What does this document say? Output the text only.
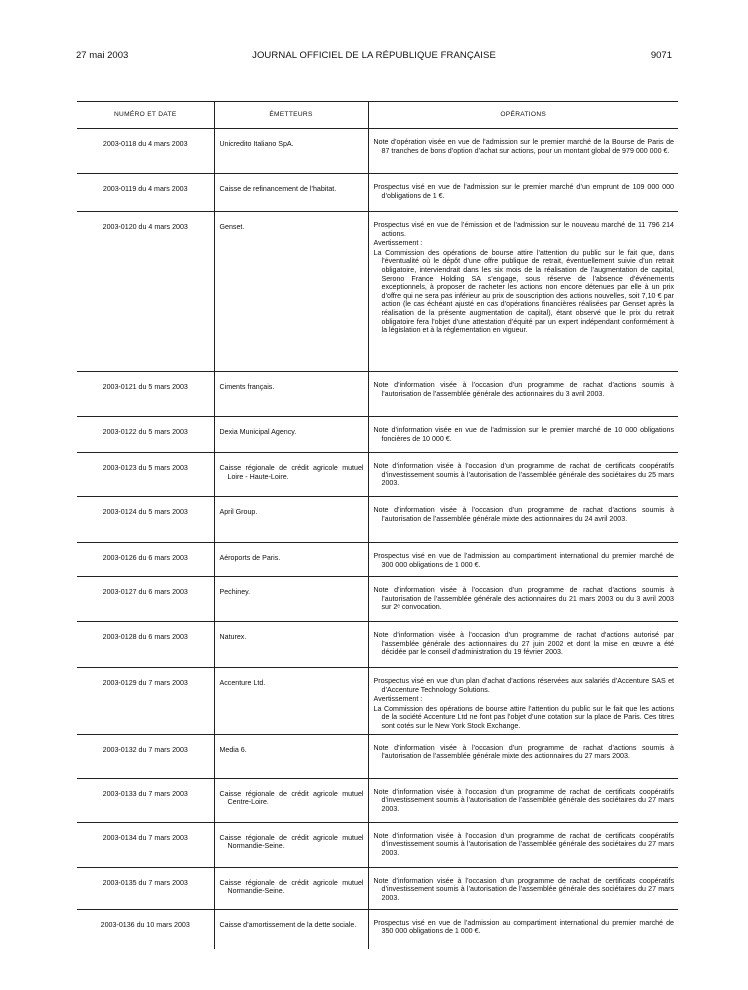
27 mai 2003	JOURNAL OFFICIEL DE LA RÉPUBLIQUE FRANÇAISE	9071
NUMÉRO ET DATE	ÉMETTEURS	OPÉRATIONS
2003-0118 du 4 mars 2003	Unicredito Italiano SpA.	Note d’opération visée en vue de l’admission sur le premier marché de la Bourse de Paris de 87 tranches de bons d’option d’achat sur actions, pour un montant global de 979 000 000 €.

2003-0119 du 4 mars 2003	Caisse de refinancement de l’habitat.	Prospectus visé en vue de l’admission sur le premier marché d’un emprunt de 109 000 000 d’obligations de 1 €.

2003-0120 du 4 mars 2003	Genset.	Prospectus visé en vue de l’émission et de l’admission sur le nouveau marché de 11 796 214 actions.
Avertissement :
La Commission des opérations de bourse attire l’attention du public sur le fait que, dans l’éventualité où le dépôt d’une offre publique de retrait, éventuellement suivie d’un retrait obligatoire, interviendrait dans les six mois de la réalisation de l’augmentation de capital, Serono France Holding SA s’engage, sous réserve de l’absence d’événements exceptionnels, à proposer de racheter les actions non encore détenues par elle à un prix d’offre qui ne sera pas inférieur au prix de souscription des actions nouvelles, soit 7,10 € par action (le cas échéant ajusté en cas d’opérations financières réalisées par Genset après la réalisation de la présente augmentation de capital), étant observé que le prix du retrait obligatoire fera l’objet d’une attestation d’équité par un expert indépendant conformément à la législation et à la réglementation en vigueur.

2003-0121 du 5 mars 2003	Ciments français.	Note d’information visée à l’occasion d’un programme de rachat d’actions soumis à l’autorisation de l’assemblée générale des actionnaires du 3 avril 2003.

2003-0122 du 5 mars 2003	Dexia Municipal Agency.	Note d’information visée en vue de l’admission sur le premier marché de 10 000 obligations foncières de 10 000 €.

2003-0123 du 5 mars 2003	Caisse régionale de crédit agricole mutuel Loire - Haute-Loire.	Note d’information visée à l’occasion d’un programme de rachat de certificats coopératifs d’investissement soumis à l’autorisation de l’assemblée générale des sociétaires du 25 mars 2003.

2003-0124 du 5 mars 2003	April Group.	Note d’information visée à l’occasion d’un programme de rachat d’actions soumis à l’autorisation de l’assemblée générale mixte des actionnaires du 24 avril 2003.

2003-0126 du 6 mars 2003	Aéroports de Paris.	Prospectus visé en vue de l’admission au compartiment international du premier marché de 300 000 obligations de 1 000 €.

2003-0127 du 6 mars 2003	Pechiney.	Note d’information visée à l’occasion d’un programme de rachat d’actions soumis à l’autorisation de l’assemblée générale des actionnaires du 21 mars 2003 ou du 3 avril 2003 sur 2ᵉ convocation.

2003-0128 du 6 mars 2003	Naturex.	Note d’information visée à l’occasion d’un programme de rachat d’actions autorisé par l’assemblée générale des actionnaires du 27 juin 2002 et dont la mise en œuvre a été décidée par le conseil d’administration du 19 février 2003.

2003-0129 du 7 mars 2003	Accenture Ltd.	Prospectus visé en vue d’un plan d’achat d’actions réservées aux salariés d’Accenture SAS et d’Accenture Technology Solutions.
Avertissement :
La Commission des opérations de bourse attire l’attention du public sur le fait que les actions de la société Accenture Ltd ne font pas l’objet d’une cotation sur la place de Paris. Ces titres sont cotés sur le New York Stock Exchange.

2003-0132 du 7 mars 2003	Media 6.	Note d’information visée à l’occasion d’un programme de rachat d’actions soumis à l’autorisation de l’assemblée générale mixte des actionnaires du 27 mars 2003.

2003-0133 du 7 mars 2003	Caisse régionale de crédit agricole mutuel Centre-Loire.	Note d’information visée à l’occasion d’un programme de rachat de certificats coopératifs d’investissement soumis à l’autorisation de l’assemblée générale des sociétaires du 27 mars 2003.

2003-0134 du 7 mars 2003	Caisse régionale de crédit agricole mutuel Normandie-Seine.	Note d’information visée à l’occasion d’un programme de rachat de certificats coopératifs d’investissement soumis à l’autorisation de l’assemblée générale des sociétaires du 27 mars 2003.

2003-0135 du 7 mars 2003	Caisse régionale de crédit agricole mutuel Normandie-Seine.	Note d’information visée à l’occasion d’un programme de rachat de certificats coopératifs d’investissement soumis à l’autorisation de l’assemblée générale des sociétaires du 27 mars 2003.

2003-0136 du 10 mars 2003	Caisse d’amortissement de la dette sociale.	Prospectus visé en vue de l’admission au compartiment international du premier marché de 350 000 obligations de 1 000 €.
